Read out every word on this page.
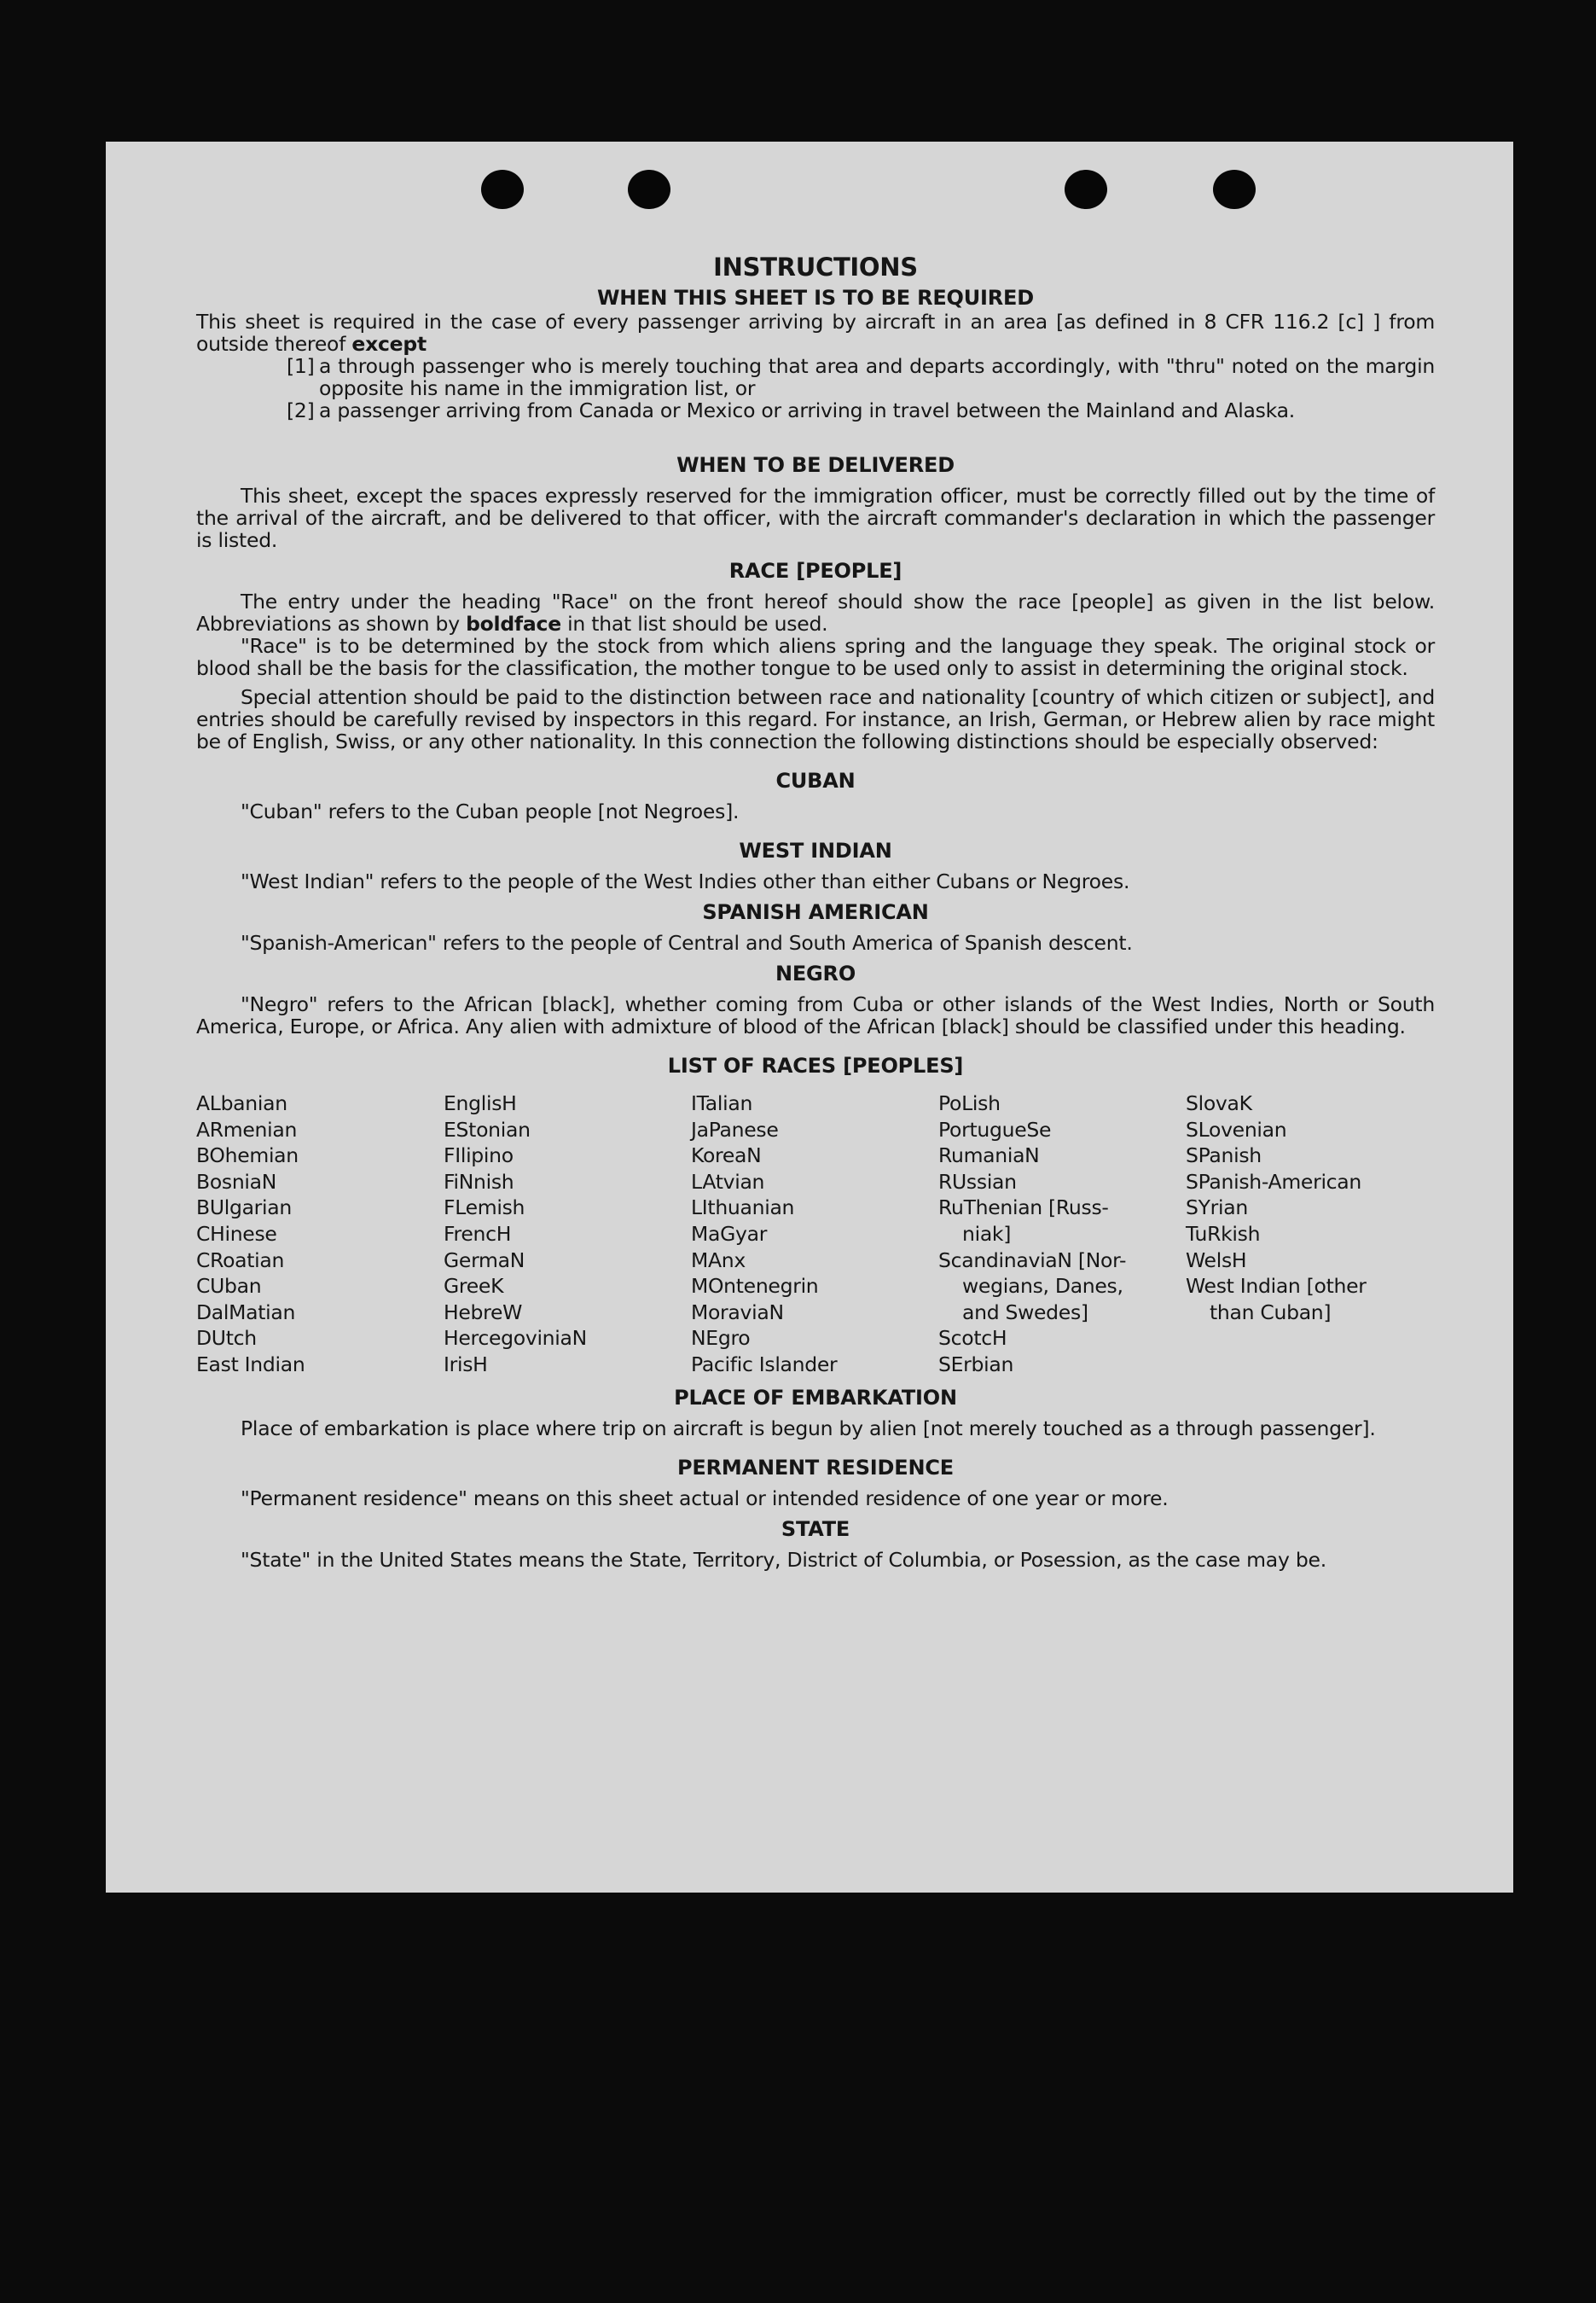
INSTRUCTIONS
WHEN THIS SHEET IS TO BE REQUIRED

This sheet is required in the case of every passenger arriving by aircraft in an area [as defined in 8 CFR 116.2 [c] ] from outside thereof except

[1] a through passenger who is merely touching that area and departs accordingly, with "thru" noted on the margin opposite his name in the immigration list, or
[2] a passenger arriving from Canada or Mexico or arriving in travel between the Mainland and Alaska.
WHEN TO BE DELIVERED

This sheet, except the spaces expressly reserved for the immigration officer, must be correctly filled out by the time of the arrival of the aircraft, and be delivered to that officer, with the aircraft commander's declaration in which the passenger is listed.

RACE [PEOPLE]

The entry under the heading "Race" on the front hereof should show the race [people] as given in the list below. Abbreviations as shown by boldface in that list should be used.

"Race" is to be determined by the stock from which aliens spring and the language they speak. The original stock or blood shall be the basis for the classification, the mother tongue to be used only to assist in determining the original stock.

Special attention should be paid to the distinction between race and nationality [country of which citizen or subject], and entries should be carefully revised by inspectors in this regard. For instance, an Irish, German, or Hebrew alien by race might be of English, Swiss, or any other nationality. In this connection the following distinctions should be especially observed:

CUBAN

"Cuban" refers to the Cuban people [not Negroes].

WEST INDIAN

"West Indian" refers to the people of the West Indies other than either Cubans or Negroes.

SPANISH AMERICAN

"Spanish-American" refers to the people of Central and South America of Spanish descent.

NEGRO

"Negro" refers to the African [black], whether coming from Cuba or other islands of the West Indies, North or South America, Europe, or Africa. Any alien with admixture of blood of the African [black] should be classified under this heading.

LIST OF RACES [PEOPLES]
ALbanian
ARmenian
BOhemian
BosniaN
BUlgarian
CHinese
CRoatian
CUban
DalMatian
DUtch
East Indian
EnglisH
EStonian
FIlipino
FiNnish
FLemish
FrencH
GermaN
GreeK
HebreW
HercegoviniaN
IrisH
ITalian
JaPanese
KoreaN
LAtvian
LIthuanian
MaGyar
MAnx
MOntenegrin
MoraviaN
NEgro
Pacific Islander
PoLish
PortugueSe
RumaniaN
RUssian
RuThenian [Russ-
niak]
ScandinaviaN [Nor-
wegians, Danes,
and Swedes]
ScotcH
SErbian
SlovaK
SLovenian
SPanish
SPanish-American
SYrian
TuRkish
WelsH
West Indian [other
than Cuban]
PLACE OF EMBARKATION

Place of embarkation is place where trip on aircraft is begun by alien [not merely touched as a through passenger].

PERMANENT RESIDENCE

"Permanent residence" means on this sheet actual or intended residence of one year or more.

STATE

"State" in the United States means the State, Territory, District of Columbia, or Posession, as the case may be.
